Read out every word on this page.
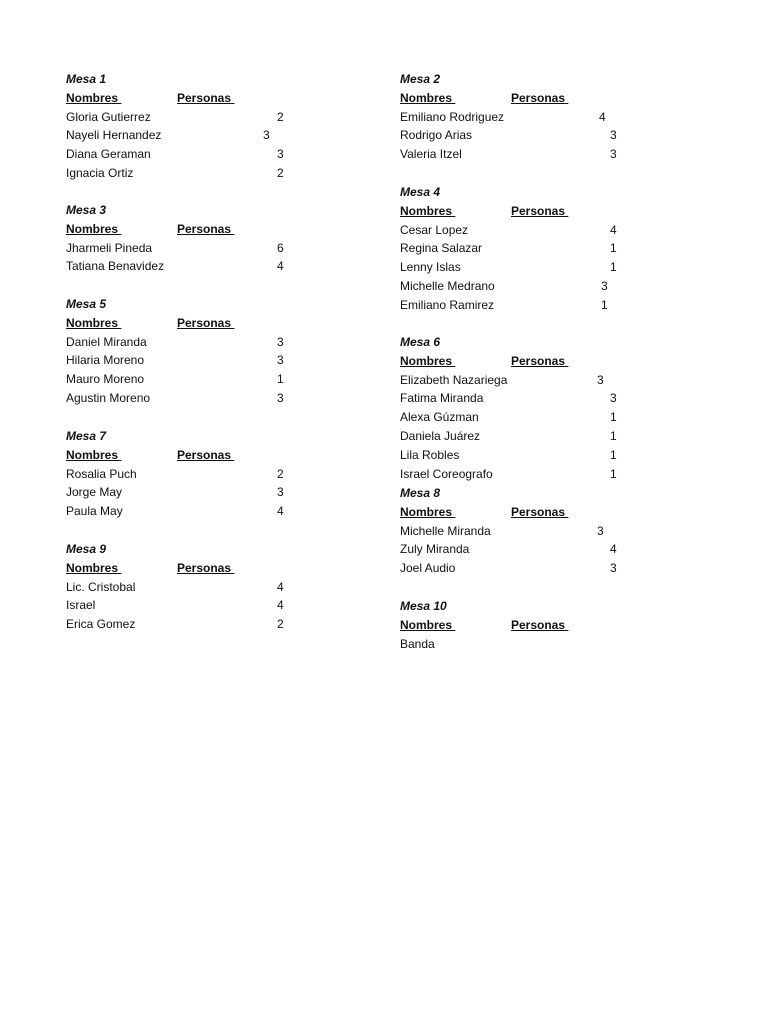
Mesa 1
Nombres	Personas
Gloria Gutierrez	2
Nayeli Hernandez	3
Diana Geraman	3
Ignacia Ortiz	2
Mesa 2
Nombres	Personas
Emiliano Rodriguez	4
Rodrigo Arias	3
Valeria Itzel	3
Mesa 3
Nombres	Personas
Jharmeli Pineda	6
Tatiana Benavidez	4
Mesa 4
Nombres	Personas
Cesar Lopez	4
Regina Salazar	1
Lenny Islas	1
Michelle Medrano	3
Emiliano Ramirez	1
Mesa 5
Nombres	Personas
Daniel Miranda	3
Hilaria Moreno	3
Mauro Moreno	1
Agustin Moreno	3
Mesa 6
Nombres	Personas
Elizabeth Nazariega	3
Fatima Miranda	3
Alexa Gúzman	1
Daniela Juárez	1
Lila Robles	1
Israel Coreografo	1
Mesa 7
Nombres	Personas
Rosalia Puch	2
Jorge May	3
Paula May	4
Mesa 8
Nombres	Personas
Michelle Miranda	3
Zuly Miranda	4
Joel Audio	3
Mesa 9
Nombres	Personas
Lic. Cristobal	4
Israel	4
Erica Gomez	2
Mesa 10
Nombres	Personas
Banda
